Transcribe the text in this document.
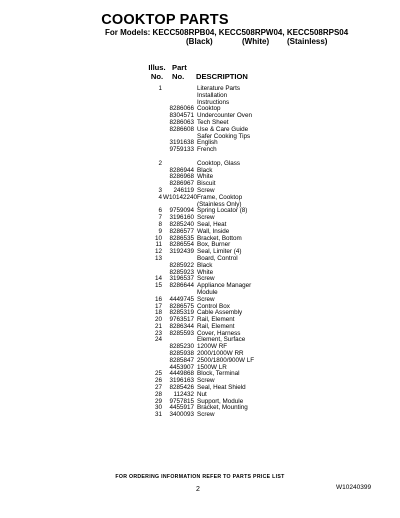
COOKTOP PARTS
For Models: KECC508RPB04, KECC508RPW04, KECC508RPS04
(Black)	(White) (Stainless)
Illus. Part
No.	No. DESCRIPTION
1	Literature Parts
Installation
Instructions
8286066 Cooktop
8304571 Undercounter Oven
8286063 Tech Sheet
8286608 Use & Care Guide
Safer Cooking Tips
3191638 English
9759133 French
2	Cooktop, Glass
8286944 Black
8286968 White
8286967 Biscuit
3	246119 Screw
4 W10142240 Frame, Cooktop
(Stainless Only)
6	9759094 Spring Locator (8)
7	3196160 Screw
8	8285240 Seal, Heat
9	8286577 Wall, Inside
10	8286535 Bracket, Bottom
11	8286554 Box, Burner
12	3192439 Seal, Limiter (4)
13	Board, Control
8285922 Black
8285923 White
14	3196537 Screw
15	8286644 Appliance Manager
Module
16	4449745 Screw
17	8286575 Control Box
18	8285319 Cable Assembly
20	9763517 Rail, Element
21	8286344 Rail, Element
23	8285593 Cover, Harness
24	Element, Surface
8285230 1200W RF
8285938 2000/1000W RR
8285847 2500/1800/900W LF
4453907 1500W LR
25	4449868 Block, Terminal
26	3196163 Screw
27	8285426 Seal, Heat Shield
28	112432 Nut
29	9757815 Support, Module
30	4455917 Bracket, Mounting
31	3400093 Screw
FOR ORDERING INFORMATION REFER TO PARTS PRICE LIST
2	W10240399
